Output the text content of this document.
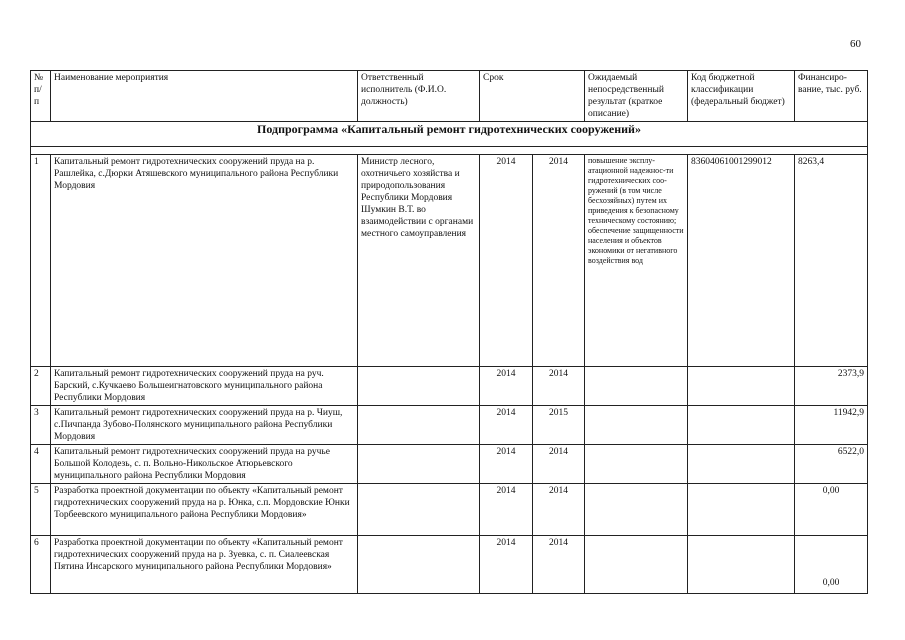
60
№ п/ п	Наименование мероприятия	Ответственный исполнитель (Ф.И.О. должность)	Срок		Ожидаемый непосредственный результат (краткое описание)	Код бюджетной классификации (федеральный бюджет)	Финансиро- вание, тыс. руб.
Подпрограмма «Капитальный ремонт гидротехнических сооружений»							

1	Капитальный ремонт гидротехнических сооружений пруда на р. Рашлейка, с.Дюрки Атяшевского муниципального района Республики Мордовия	Министр лесного, охотничьего хозяйства и природопользования Республики Мордовия Шумкин В.Т. во взаимодействии с органами местного самоуправления	2014	2014	повышение эксплу-атационной надежнос-ти гидротехнических соо-ружений (в том числе бесхозяйных) путем их приведения к безопасному техническому состоянию; обеспечение защищенности населения и объектов экономики от негативного воздействия вод	83604061001299012	8263,4
2	Капитальный ремонт гидротехнических сооружений пруда на руч. Барский, с.Кучкаево Большеигнатовского муниципального района Республики Мордовия		2014	2014			2373,9
3	Капитальный ремонт гидротехнических сооружений пруда на р. Чиуш, с.Пичпанда Зубово-Полянского муниципального района Республики Мордовия		2014	2015			11942,9
4	Капитальный ремонт гидротехнических сооружений пруда на ручье Большой Колодезь, с. п. Вольно-Никольское Атюрьевского муниципального района Республики Мордовия		2014	2014			6522,0
5	Разработка проектной документации по объекту «Капитальный ремонт гидротехнических сооружений пруда на р. Юнка, с.п. Мордовские Юнки Торбеевского муниципального района Республики Мордовия»		2014	2014			0,00
6	Разработка проектной документации по объекту «Капитальный ремонт гидротехнических сооружений пруда на р. Зуевка, с. п. Сиалеевская Пятина Инсарского муниципального района Республики Мордовия»		2014	2014			0,00
